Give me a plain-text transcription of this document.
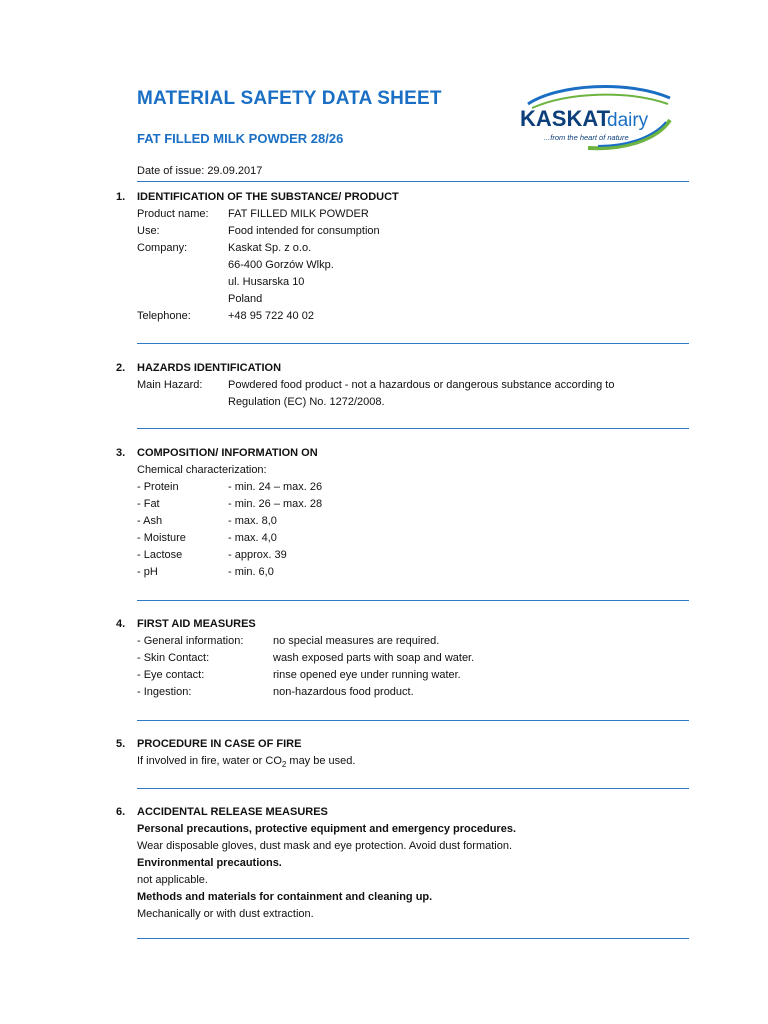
MATERIAL SAFETY DATA SHEET
FAT FILLED MILK POWDER 28/26
Date of issue: 29.09.2017
KASKAT
dairy
...from the heart of nature
1. IDENTIFICATION OF THE SUBSTANCE/ PRODUCT
Product name: FAT FILLED MILK POWDER
Use:	Food intended for consumption
Company:	Kaskat Sp. z o.o.
66-400 Gorzów Wlkp.
ul. Husarska 10
Poland
Telephone:	+48 95 722 40 02
2. HAZARDS IDENTIFICATION
Main Hazard: Powdered food product - not a hazardous or dangerous substance according to
Regulation (EC) No. 1272/2008.
3. COMPOSITION/ INFORMATION ON
Chemical characterization:
- Protein	- min. 24 – max. 26
- Fat	- min. 26 – max. 28
- Ash	- max. 8,0
- Moisture	- max. 4,0
- Lactose	- approx. 39
- pH	- min. 6,0
4. FIRST AID MEASURES
- General information:	no special measures are required.
- Skin Contact:	wash exposed parts with soap and water.
- Eye contact:	rinse opened eye under running water.
- Ingestion:	non-hazardous food product.
5. PROCEDURE IN CASE OF FIRE
If involved in fire, water or $CO_2$ may be used.
6. ACCIDENTAL RELEASE MEASURES
Personal precautions, protective equipment and emergency procedures.
Wear disposable gloves, dust mask and eye protection. Avoid dust formation.
Environmental precautions.
not applicable.
Methods and materials for containment and cleaning up.
Mechanically or with dust extraction.
